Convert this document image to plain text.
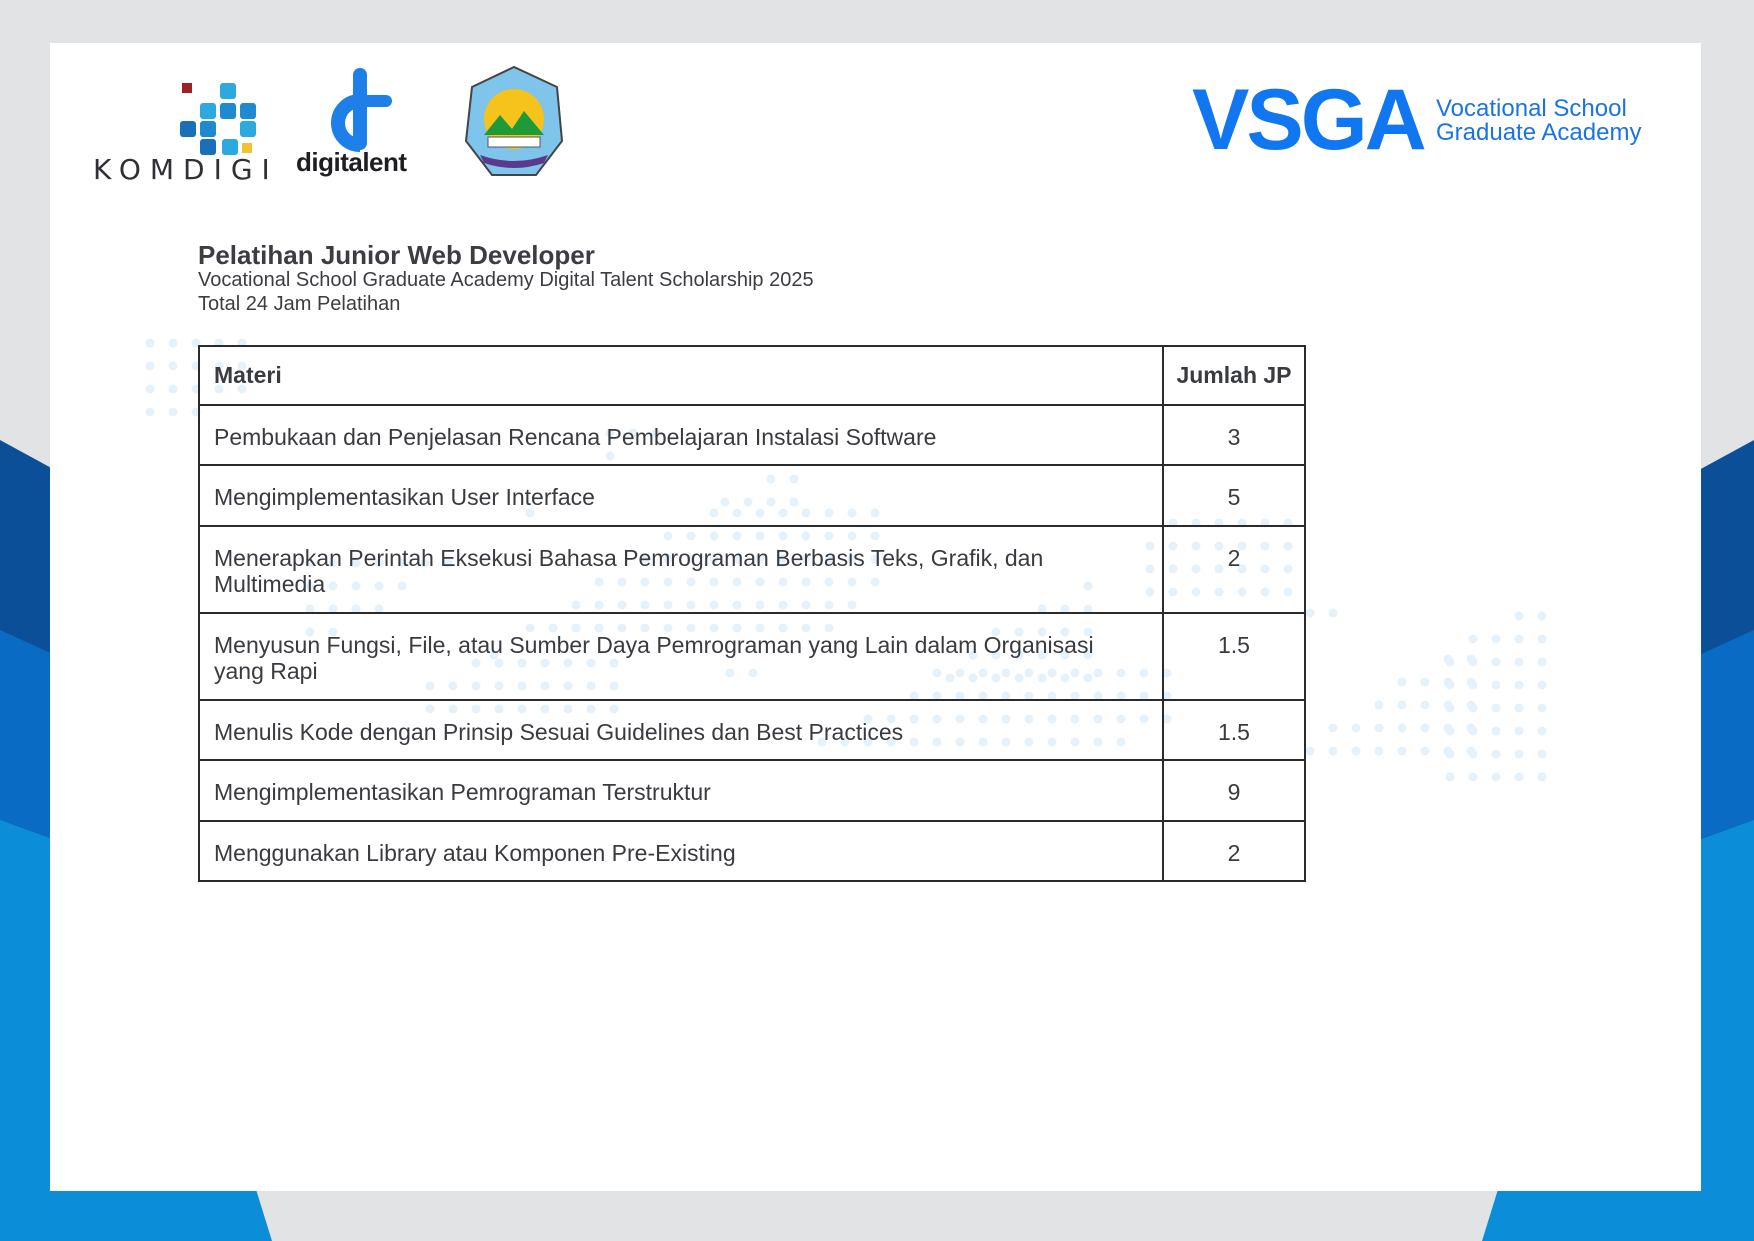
KOMDIGI digitalent	VSGA Vocational School
Graduate Academy
Pelatihan Junior Web Developer
Vocational School Graduate Academy Digital Talent Scholarship 2025
Total 24 Jam Pelatihan
Materi	Jumlah JP
Pembukaan dan Penjelasan Rencana Pembelajaran Instalasi Software	3
Mengimplementasikan User Interface	5
Menerapkan Perintah Eksekusi Bahasa Pemrograman Berbasis Teks, Grafik, dan Multimedia	2
Menyusun Fungsi, File, atau Sumber Daya Pemrograman yang Lain dalam Organisasi yang Rapi	1.5
Menulis Kode dengan Prinsip Sesuai Guidelines dan Best Practices	1.5
Mengimplementasikan Pemrograman Terstruktur	9
Menggunakan Library atau Komponen Pre-Existing	2
